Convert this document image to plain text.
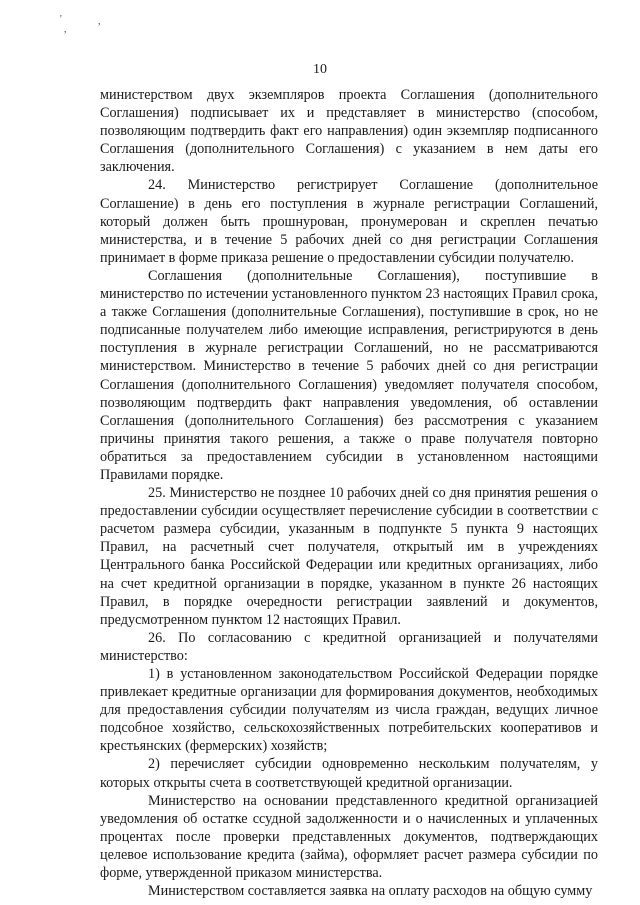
'	,
,
10

министерством двух экземпляров проекта Соглашения (дополнительного Соглашения) подписывает их и представляет в министерство (способом, позволяющим подтвердить факт его направления) один экземпляр подписанного Соглашения (дополнительного Соглашения) с указанием в нем даты его заключения.

24. Министерство регистрирует Соглашение (дополнительное Соглашение) в день его поступления в журнале регистрации Соглашений, который должен быть прошнурован, пронумерован и скреплен печатью министерства, и в течение 5 рабочих дней со дня регистрации Соглашения принимает в форме приказа решение о предоставлении субсидии получателю.

Соглашения (дополнительные Соглашения), поступившие в министерство по истечении установленного пунктом 23 настоящих Правил срока, а также Соглашения (дополнительные Соглашения), поступившие в срок, но не подписанные получателем либо имеющие исправления, регистрируются в день поступления в журнале регистрации Соглашений, но не рассматриваются министерством. Министерство в течение 5 рабочих дней со дня регистрации Соглашения (дополнительного Соглашения) уведомляет получателя способом, позволяющим подтвердить факт направления уведомления, об оставлении Соглашения (дополнительного Соглашения) без рассмотрения с указанием причины принятия такого решения, а также о праве получателя повторно обратиться за предоставлением субсидии в установленном настоящими Правилами порядке.

25. Министерство не позднее 10 рабочих дней со дня принятия решения о предоставлении субсидии осуществляет перечисление субсидии в соответствии с расчетом размера субсидии, указанным в подпункте 5 пункта 9 настоящих Правил, на расчетный счет получателя, открытый им в учреждениях Центрального банка Российской Федерации или кредитных организациях, либо на счет кредитной организации в порядке, указанном в пункте 26 настоящих Правил, в порядке очередности регистрации заявлений и документов, предусмотренном пунктом 12 настоящих Правил.

26. По согласованию с кредитной организацией и получателями министерство:

1) в установленном законодательством Российской Федерации порядке привлекает кредитные организации для формирования документов, необходимых для предоставления субсидии получателям из числа граждан, ведущих личное подсобное хозяйство, сельскохозяйственных потребительских кооперативов и крестьянских (фермерских) хозяйств;

2) перечисляет субсидии одновременно нескольким получателям, у которых открыты счета в соответствующей кредитной организации.

Министерство на основании представленного кредитной организацией уведомления об остатке ссудной задолженности и о начисленных и уплаченных процентах после проверки представленных документов, подтверждающих целевое использование кредита (займа), оформляет расчет размера субсидии по форме, утвержденной приказом министерства.

Министерством составляется заявка на оплату расходов на общую сумму
